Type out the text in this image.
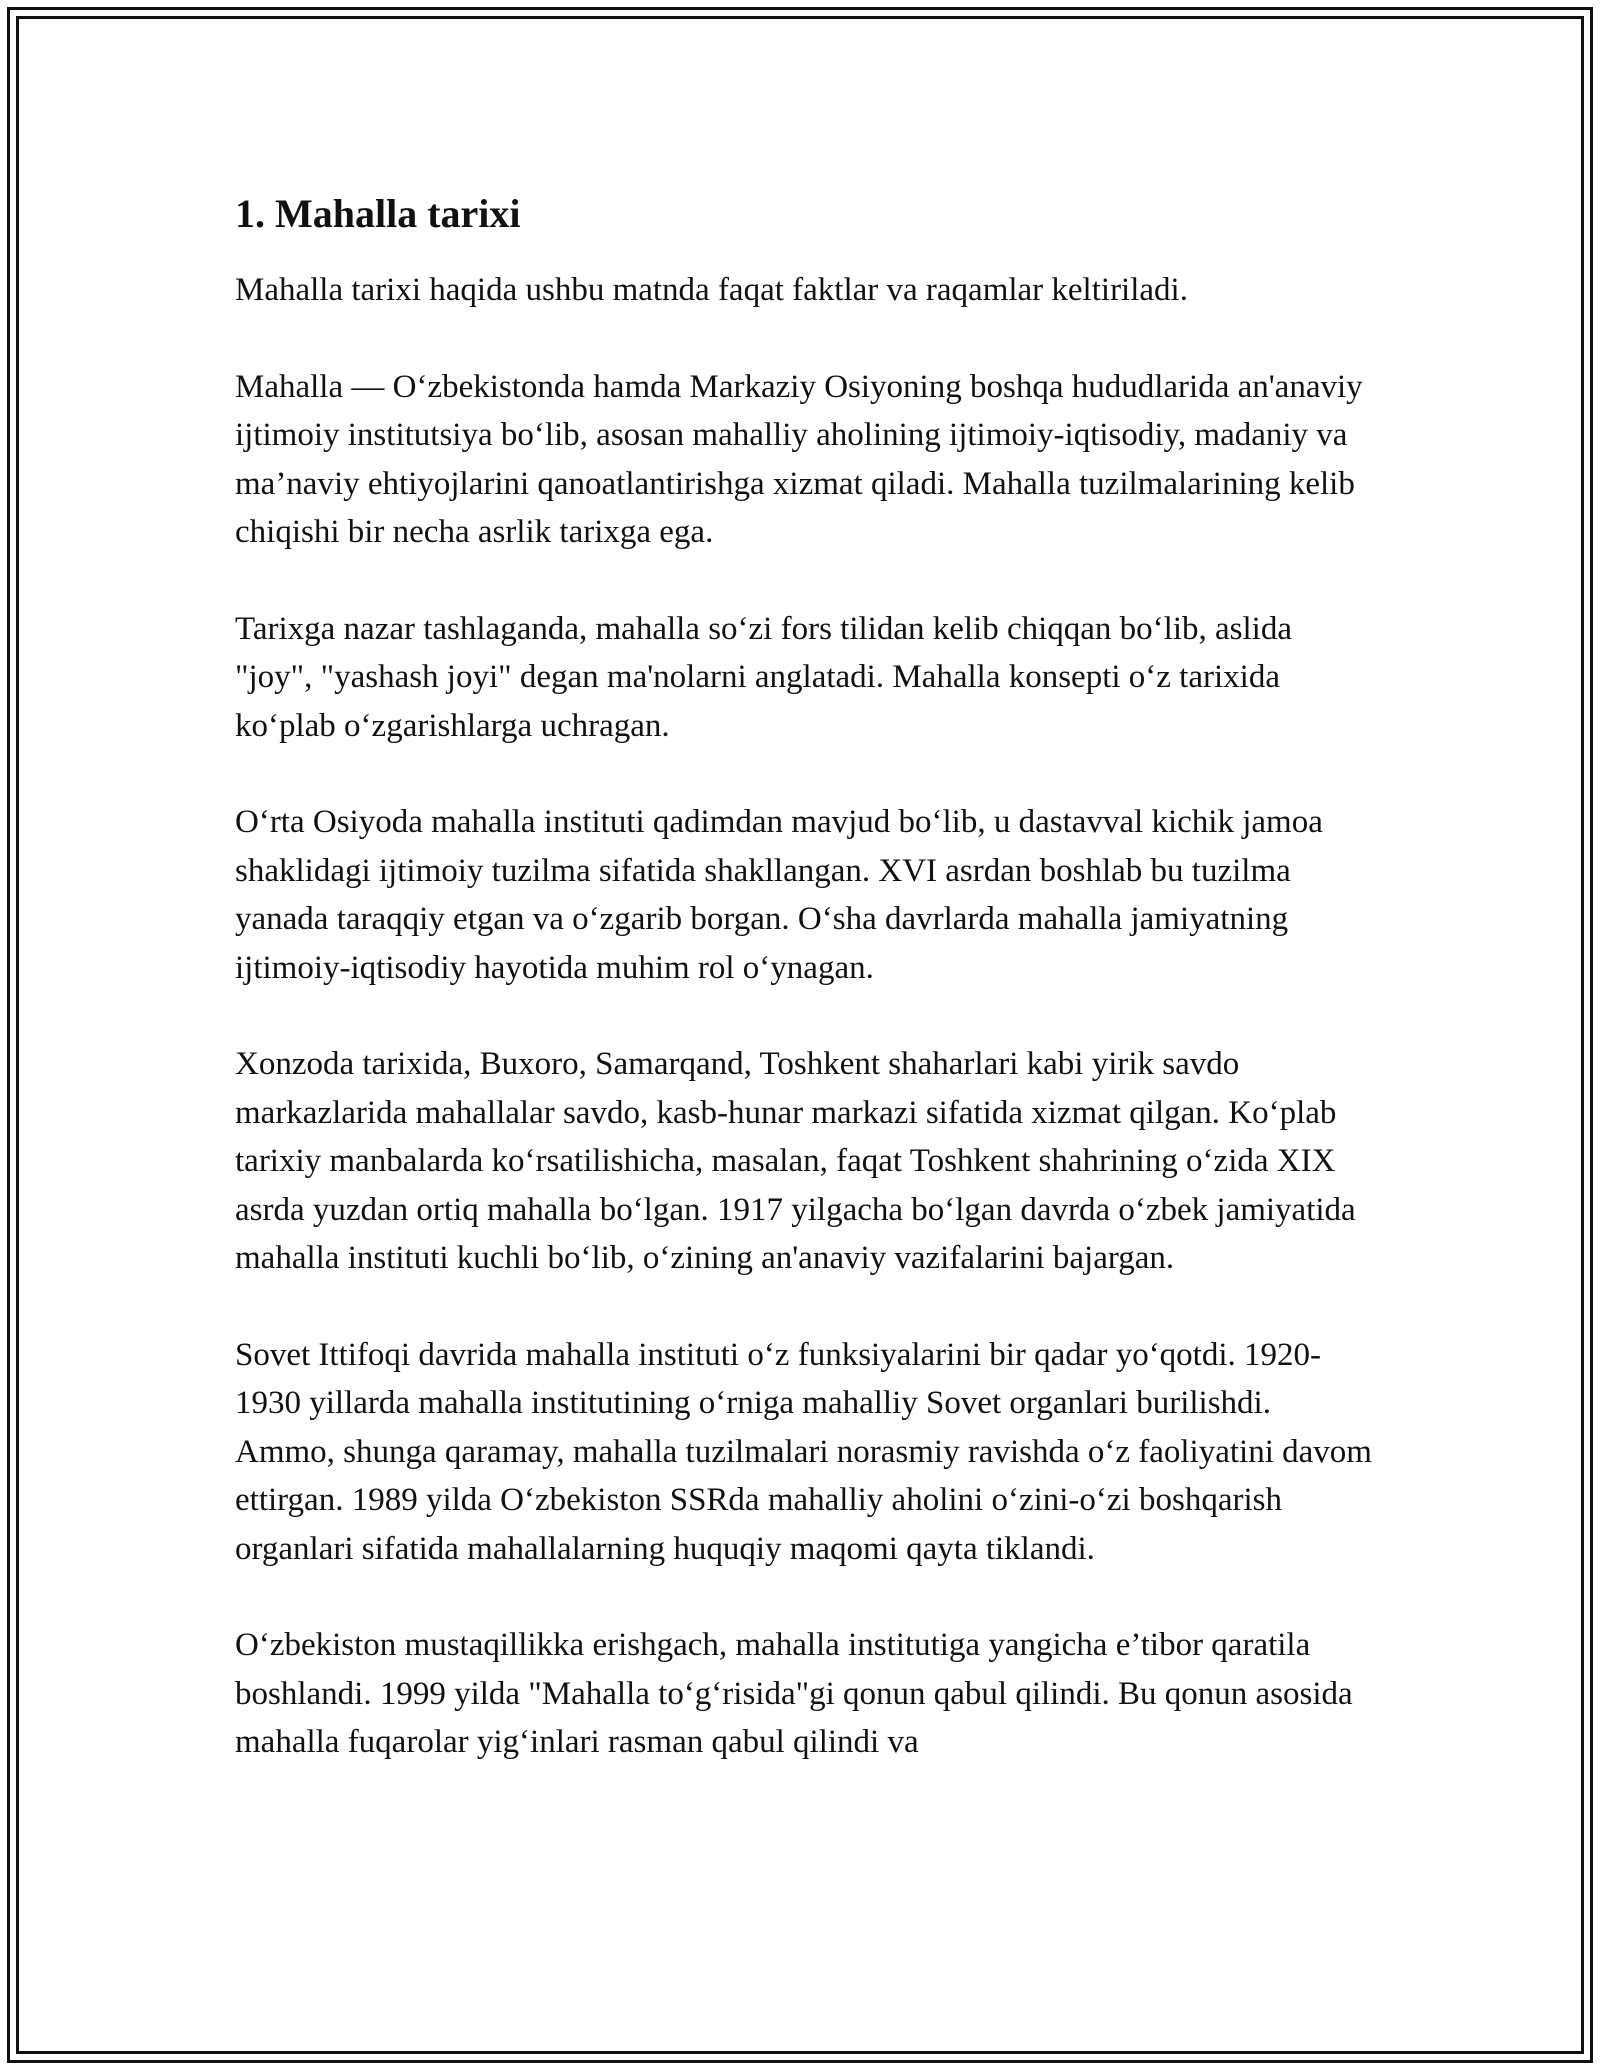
1. Mahalla tarixi

Mahalla tarixi haqida ushbu matnda faqat faktlar va raqamlar keltiriladi.

Mahalla — O‘zbekistonda hamda Markaziy Osiyoning boshqa hududlarida an'anaviy ijtimoiy institutsiya bo‘lib, asosan mahalliy aholining ijtimoiy-iqtisodiy, madaniy va ma’naviy ehtiyojlarini qanoatlantirishga xizmat qiladi. Mahalla tuzilmalarining kelib chiqishi bir necha asrlik tarixga ega.

Tarixga nazar tashlaganda, mahalla so‘zi fors tilidan kelib chiqqan bo‘lib, aslida "joy", "yashash joyi" degan ma'nolarni anglatadi. Mahalla konsepti o‘z tarixida ko‘plab o‘zgarishlarga uchragan.

O‘rta Osiyoda mahalla instituti qadimdan mavjud bo‘lib, u dastavval kichik jamoa shaklidagi ijtimoiy tuzilma sifatida shakllangan. XVI asrdan boshlab bu tuzilma yanada taraqqiy etgan va o‘zgarib borgan. O‘sha davrlarda mahalla jamiyatning ijtimoiy-iqtisodiy hayotida muhim rol o‘ynagan.

Xonzoda tarixida, Buxoro, Samarqand, Toshkent shaharlari kabi yirik savdo markazlarida mahallalar savdo, kasb-hunar markazi sifatida xizmat qilgan. Ko‘plab tarixiy manbalarda ko‘rsatilishicha, masalan, faqat Toshkent shahrining o‘zida XIX asrda yuzdan ortiq mahalla bo‘lgan. 1917 yilgacha bo‘lgan davrda o‘zbek jamiyatida mahalla instituti kuchli bo‘lib, o‘zining an'anaviy vazifalarini bajargan.

Sovet Ittifoqi davrida mahalla instituti o‘z funksiyalarini bir qadar yo‘qotdi. 1920-1930 yillarda mahalla institutining o‘rniga mahalliy Sovet organlari burilishdi. Ammo, shunga qaramay, mahalla tuzilmalari norasmiy ravishda o‘z faoliyatini davom ettirgan. 1989 yilda O‘zbekiston SSRda mahalliy aholini o‘zini-o‘zi boshqarish organlari sifatida mahallalarning huquqiy maqomi qayta tiklandi.

O‘zbekiston mustaqillikka erishgach, mahalla institutiga yangicha e’tibor qaratila boshlandi. 1999 yilda "Mahalla to‘g‘risida"gi qonun qabul qilindi. Bu qonun asosida mahalla fuqarolar yig‘inlari rasman qabul qilindi va
